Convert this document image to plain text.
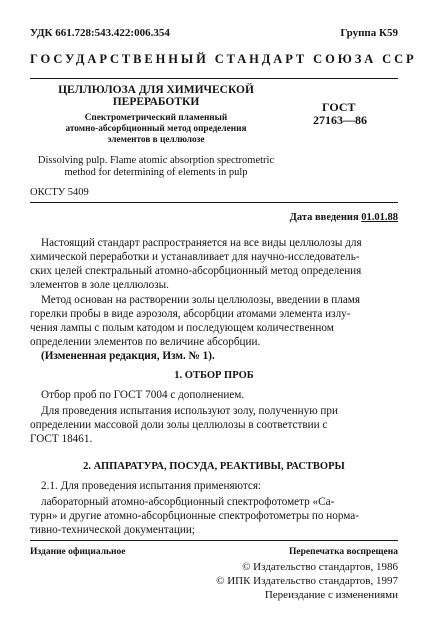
УДК 661.728:543.422:006.354	Группа К59
ГОСУДАРСТВЕННЫЙ СТАНДАРТ СОЮЗА ССР
ЦЕЛЛЮЛОЗА ДЛЯ ХИМИЧЕСКОЙ
ПЕРЕРАБОТКИ
Спектрометрический пламенный
атомно-абсорбционный метод определения
элементов в целлюлозе
ГОСТ
27163—86
Dissolving pulp. Flame atomic absorption spectrometric
method for determining of elements in pulp
ОКСТУ 5409
Дата введения 01.01.88
Настоящий стандарт распространяется на все виды целлюлозы для
химической переработки и устанавливает для научно-исследователь-
ских целей спектральный атомно-абсорбционный метод определения
элементов в золе целлюлозы.
Метод основан на растворении золы целлюлозы, введении в пламя
горелки пробы в виде аэрозоля, абсорбции атомами элемента излу-
чения лампы с полым катодом и последующем количественном
определении элементов по величине абсорбции.
(Измененная редакция, Изм. № 1).
1. ОТБОР ПРОБ
Отбор проб по ГОСТ 7004 с дополнением.
Для проведения испытания используют золу, полученную при
определении массовой доли золы целлюлозы в соответствии с
ГОСТ 18461.
2. АППАРАТУРА, ПОСУДА, РЕАКТИВЫ, РАСТВОРЫ
2.1. Для проведения испытания применяются:
лабораторный атомно-абсорбционный спектрофотометр «Са-
турн» и другие атомно-абсорбционные спектрофотометры по норма-
тивно-технической документации;
Издание официальное	Перепечатка воспрещена
© Издательство стандартов, 1986
© ИПК Издательство стандартов, 1997
Переиздание с изменениями
